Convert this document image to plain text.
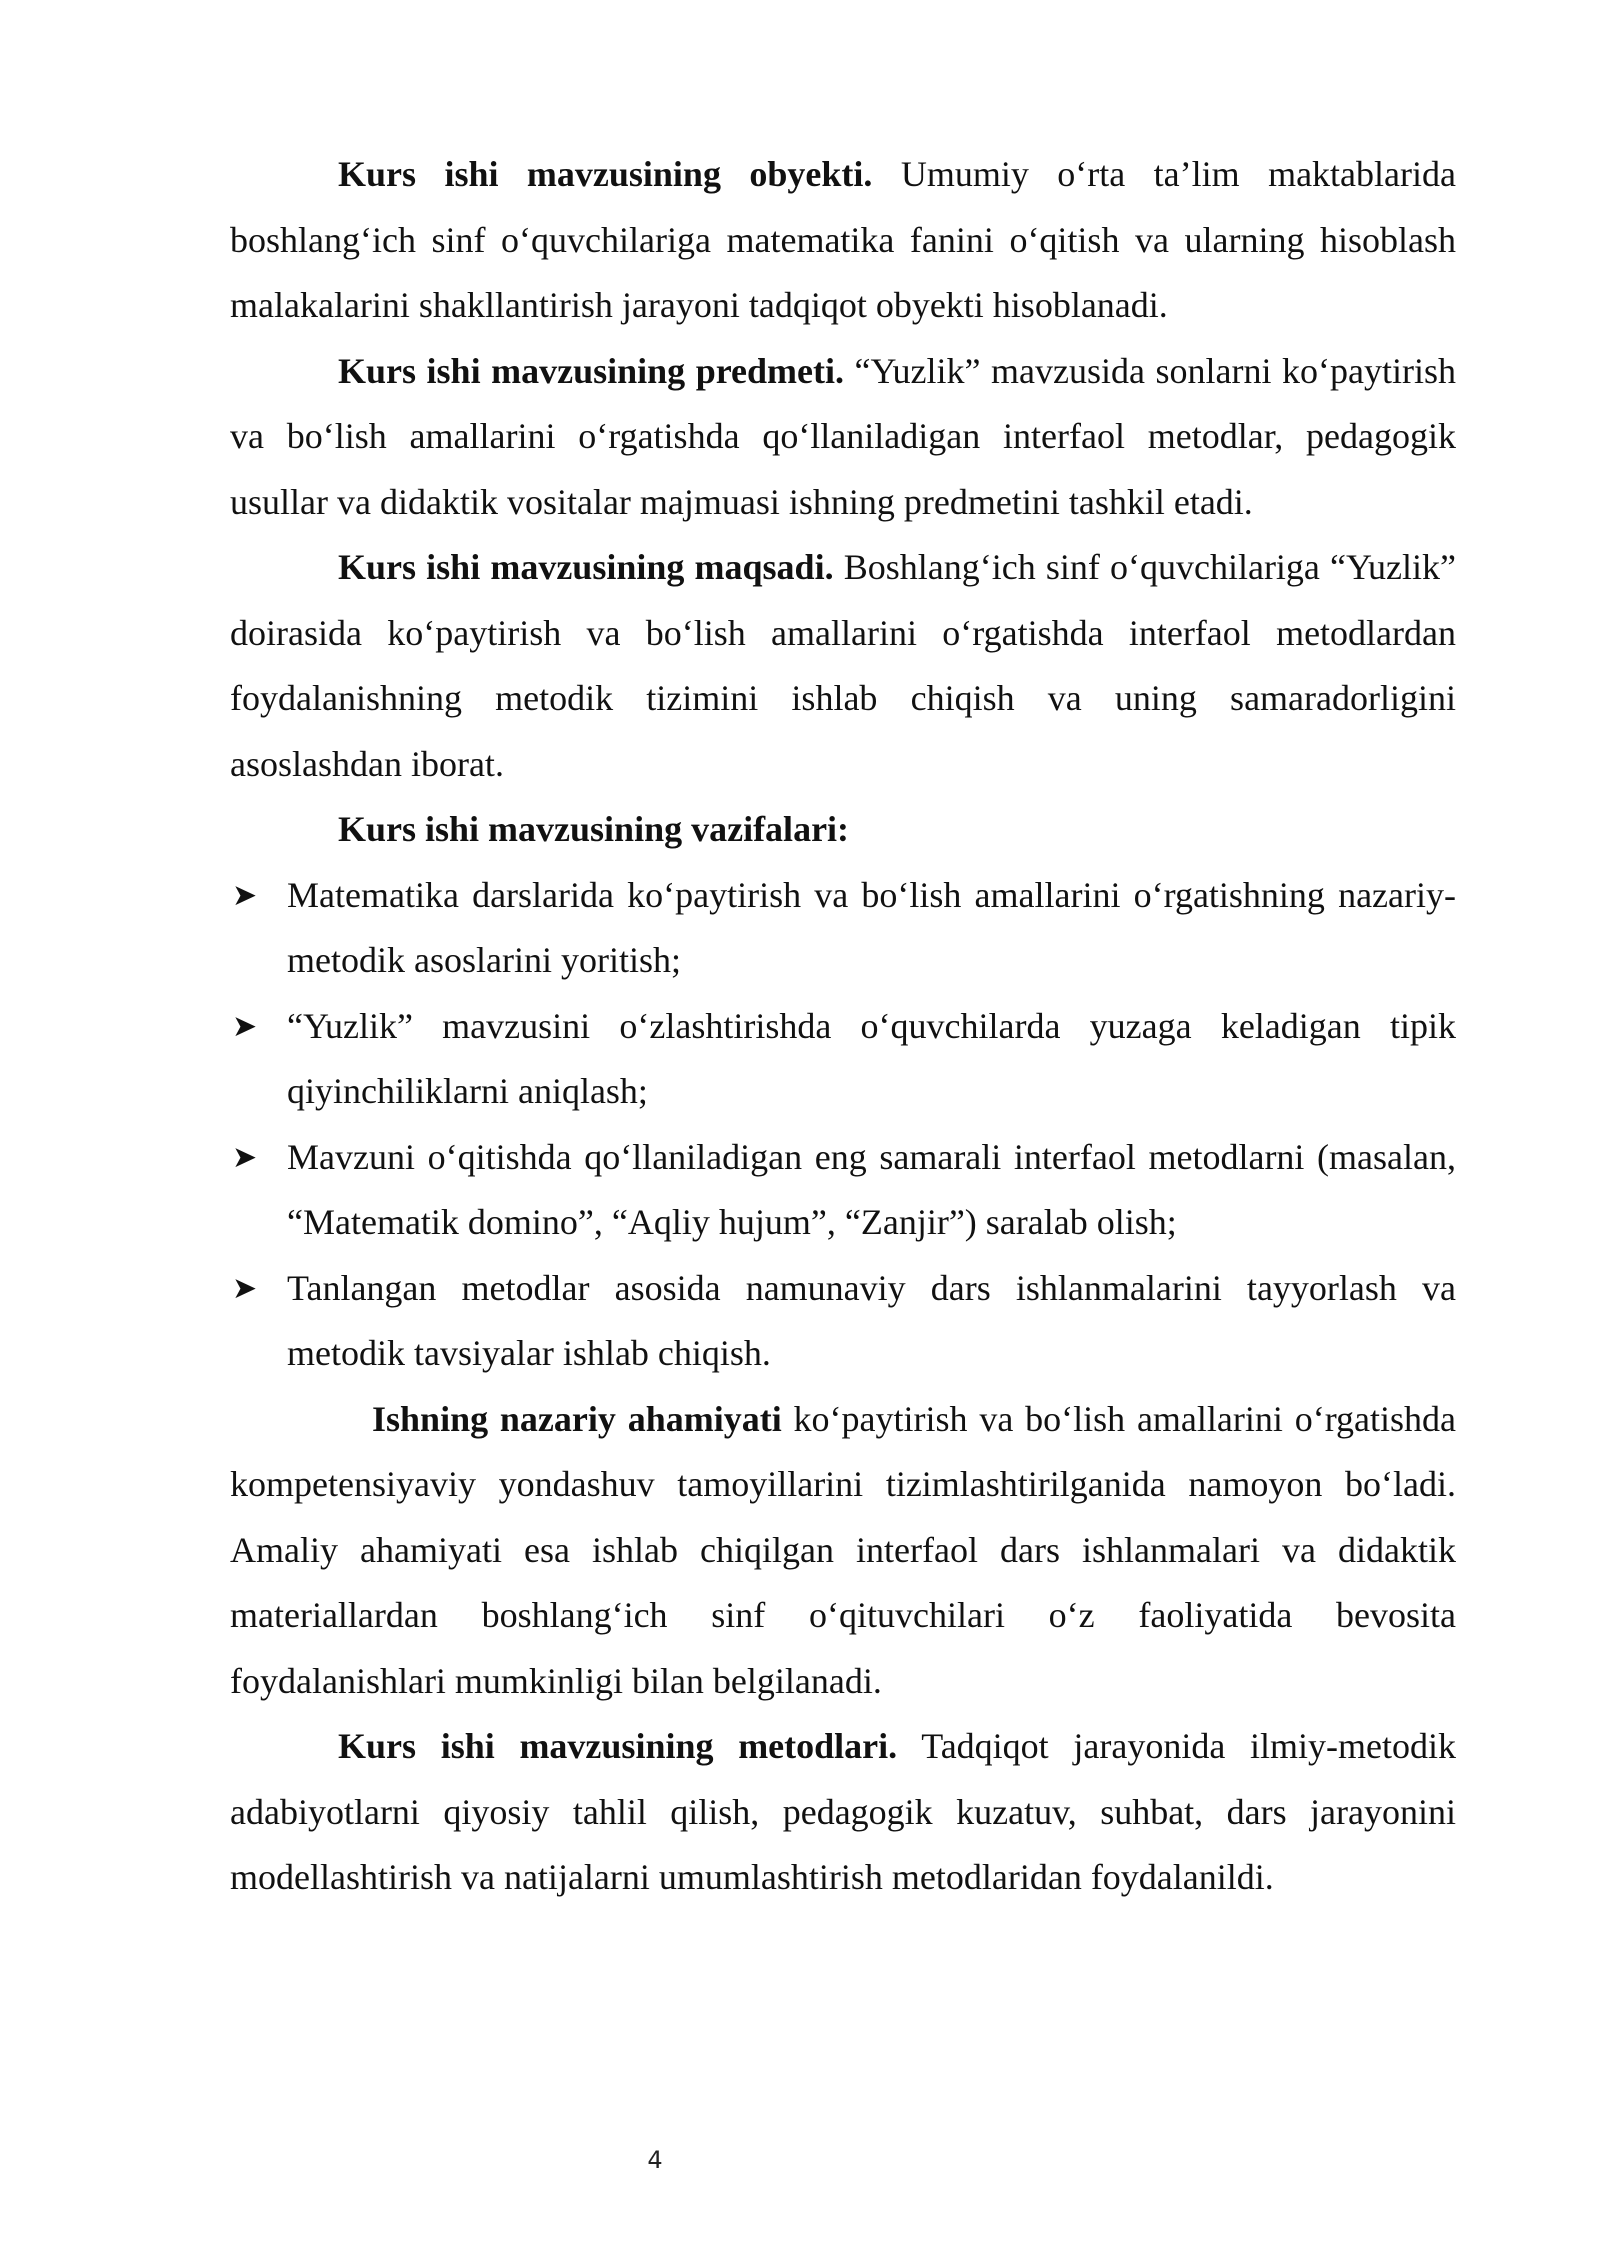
Kurs ishi mavzusining obyekti. Umumiy o‘rta ta’lim maktablarida boshlang‘ich sinf o‘quvchilariga matematika fanini o‘qitish va ularning hisoblash malakalarini shakllantirish jarayoni tadqiqot obyekti hisoblanadi.

Kurs ishi mavzusining predmeti. “Yuzlik” mavzusida sonlarni ko‘paytirish va bo‘lish amallarini o‘rgatishda qo‘llaniladigan interfaol metodlar, pedagogik usullar va didaktik vositalar majmuasi ishning predmetini tashkil etadi.

Kurs ishi mavzusining maqsadi. Boshlang‘ich sinf o‘quvchilariga “Yuzlik” doirasida ko‘paytirish va bo‘lish amallarini o‘rgatishda interfaol metodlardan foydalanishning metodik tizimini ishlab chiqish va uning samaradorligini asoslashdan iborat.

Kurs ishi mavzusining vazifalari:

➤ Matematika darslarida ko‘paytirish va bo‘lish amallarini o‘rgatishning nazariy-metodik asoslarini yoritish;
➤ “Yuzlik” mavzusini o‘zlashtirishda o‘quvchilarda yuzaga keladigan tipik qiyinchiliklarni aniqlash;
➤ Mavzuni o‘qitishda qo‘llaniladigan eng samarali interfaol metodlarni (masalan, “Matematik domino”, “Aqliy hujum”, “Zanjir”) saralab olish;
➤ Tanlangan metodlar asosida namunaviy dars ishlanmalarini tayyorlash va metodik tavsiyalar ishlab chiqish.

Ishning nazariy ahamiyati ko‘paytirish va bo‘lish amallarini o‘rgatishda kompetensiyaviy yondashuv tamoyillarini tizimlashtirilganida namoyon bo‘ladi. Amaliy ahamiyati esa ishlab chiqilgan interfaol dars ishlanmalari va didaktik materiallardan boshlang‘ich sinf o‘qituvchilari o‘z faoliyatida bevosita foydalanishlari mumkinligi bilan belgilanadi.

Kurs ishi mavzusining metodlari. Tadqiqot jarayonida ilmiy-metodik adabiyotlarni qiyosiy tahlil qilish, pedagogik kuzatuv, suhbat, dars jarayonini modellashtirish va natijalarni umumlashtirish metodlaridan foydalanildi.

4
